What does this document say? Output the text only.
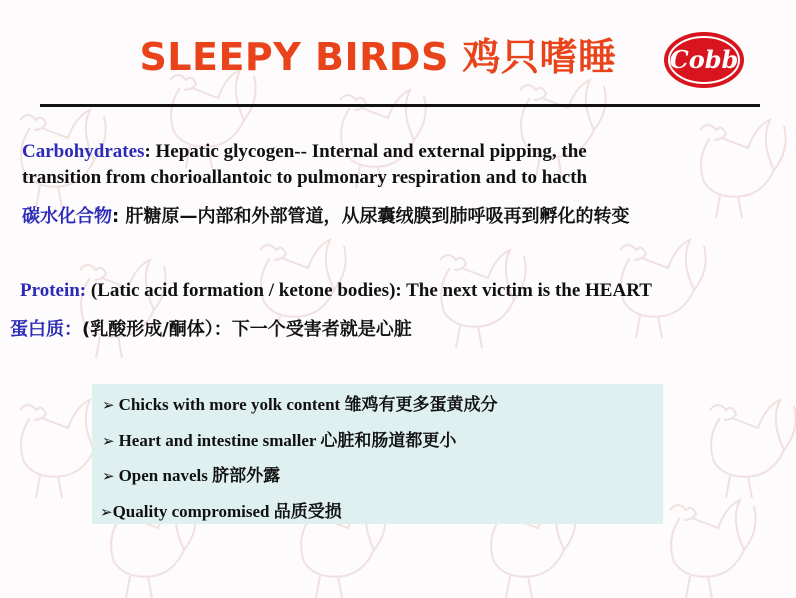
SLEEPY BIRDS 鸡只嗜睡	Cobb
Carbohydrates: Hepatic glycogen-- Internal and external pipping, the
transition from chorioallantoic to pulmonary respiration and to hacth
碳水化合物: 肝糖原—内部和外部管道，从尿囊绒膜到肺呼吸再到孵化的转变
Protein: (Latic acid formation / ketone bodies): The next victim is the HEART
蛋白质：(乳酸形成/酮体）：下一个受害者就是心脏
➢ Chicks with more yolk content 雏鸡有更多蛋黄成分
➢ Heart and intestine smaller 心脏和肠道都更小
➢ Open navels 脐部外露
➢Quality compromised 品质受损
